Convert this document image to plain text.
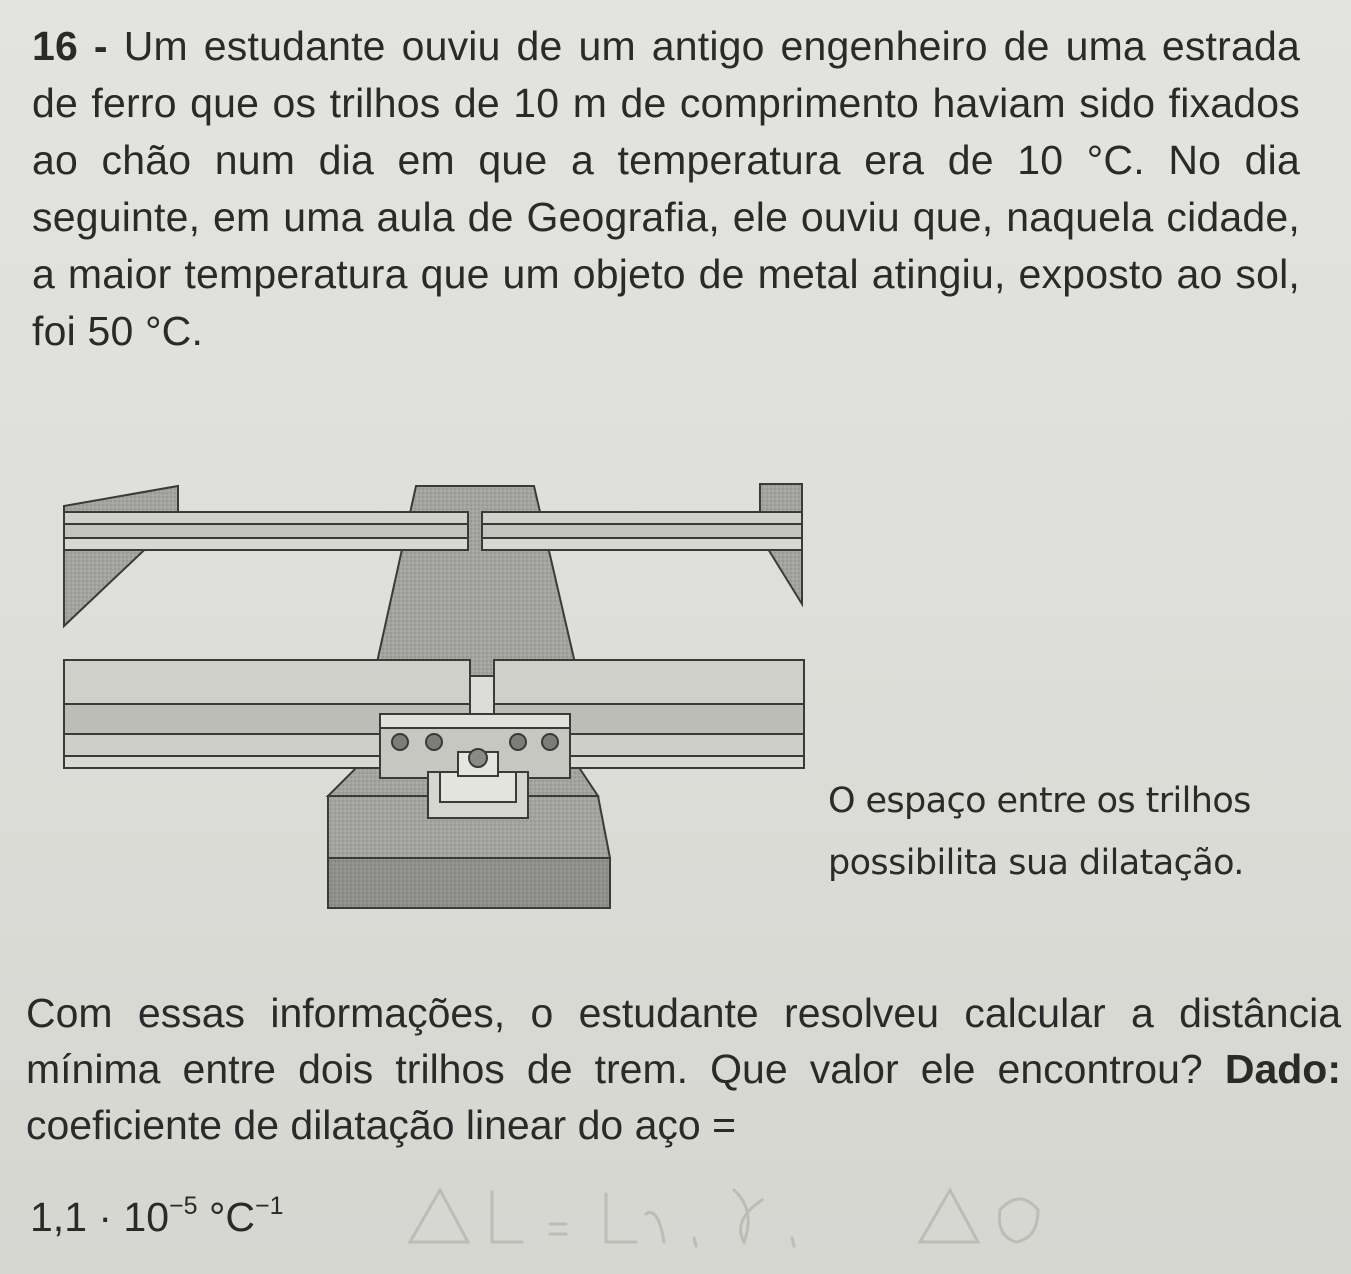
16 - Um estudante ouviu de um antigo engenheiro de uma estrada de ferro que os trilhos de 10 m de comprimento haviam sido fixados ao chão num dia em que a temperatura era de 10 °C. No dia seguinte, em uma aula de Geografia, ele ouviu que, naquela cidade, a maior temperatura que um objeto de metal atingiu, exposto ao sol, foi 50 °C.
O espaço entre os trilhos
possibilita sua dilatação.
Com essas informações, o estudante resolveu calcular a distância mínima entre dois trilhos de trem. Que valor ele encontrou? Dado: coeficiente de dilatação linear do aço =
$1,1 \cdot 10^{-5}$ $^\circ C^{-1}$
